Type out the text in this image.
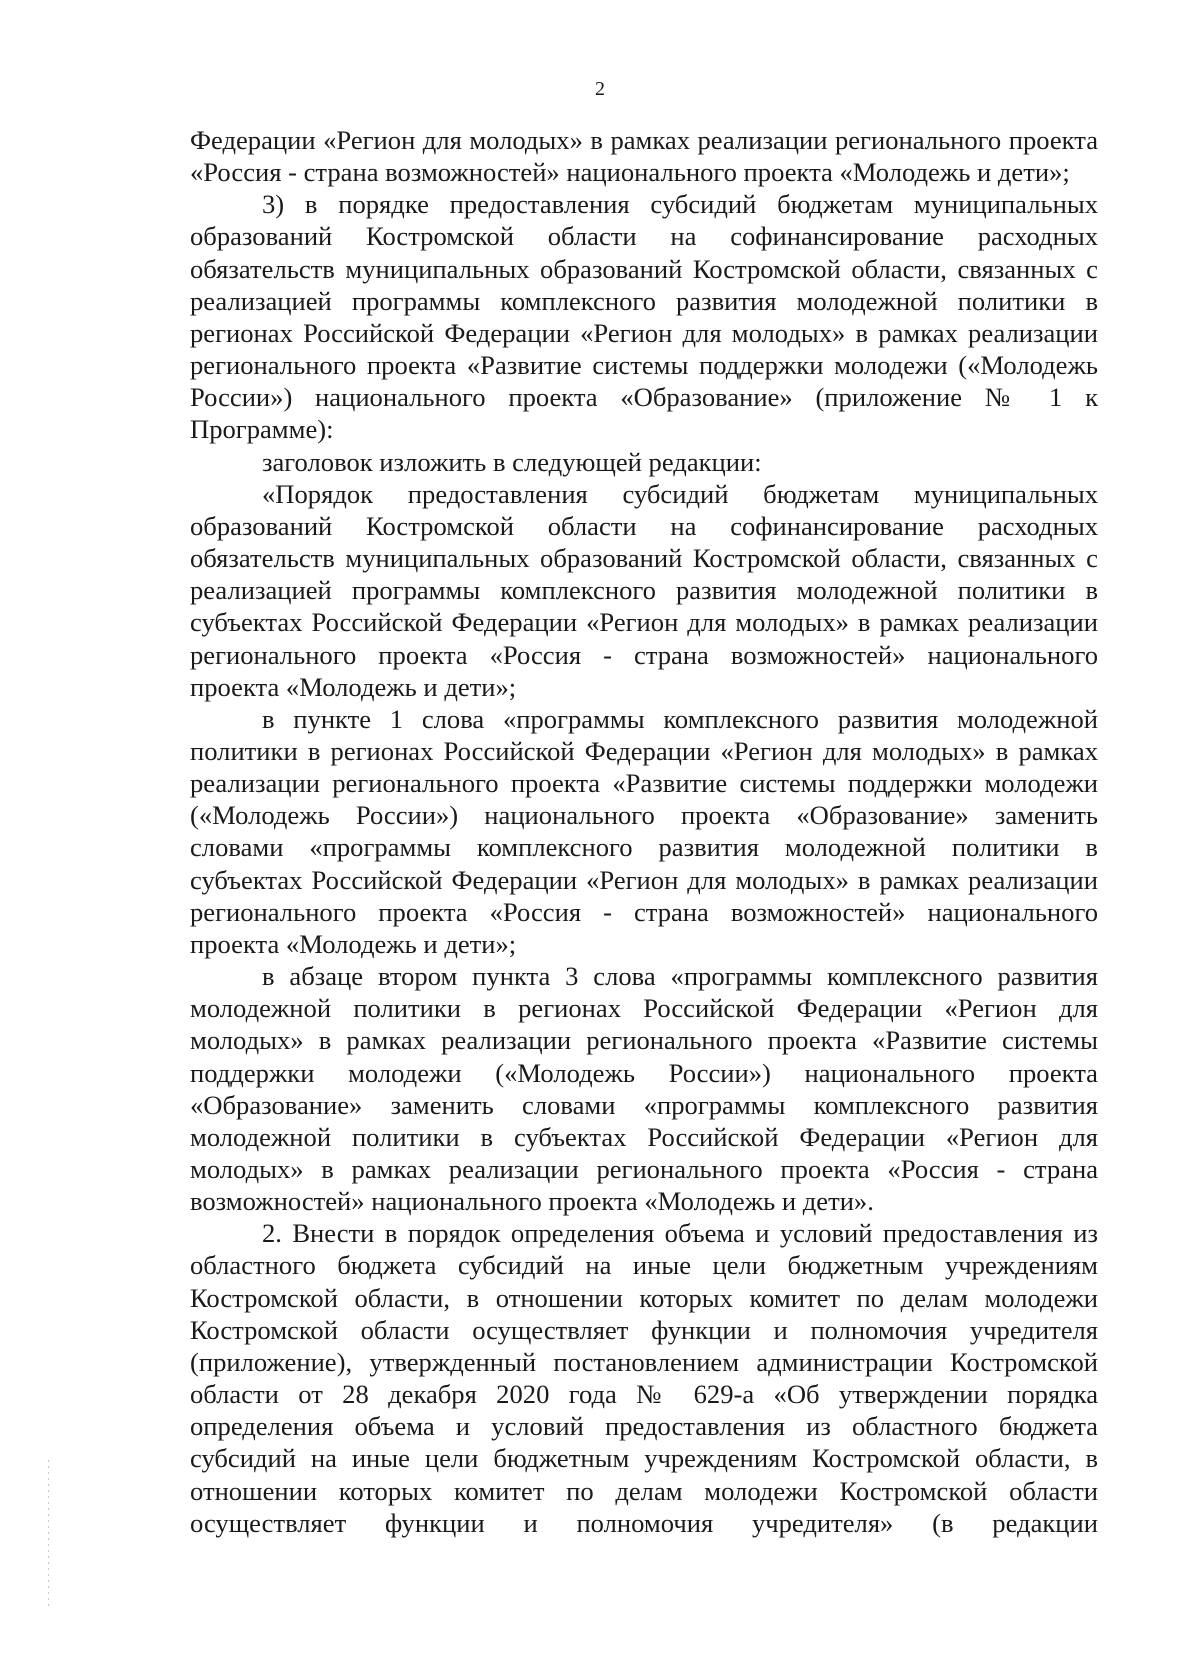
2

Федерации «Регион для молодых» в рамках реализации регионального проекта «Россия - страна возможностей» национального проекта «Молодежь и дети»;

3) в порядке предоставления субсидий бюджетам муниципальных образований Костромской области на софинансирование расходных обязательств муниципальных образований Костромской области, связанных с реализацией программы комплексного развития молодежной политики в регионах Российской Федерации «Регион для молодых» в рамках реализации регионального проекта «Развитие системы поддержки молодежи («Молодежь России») национального проекта «Образование» (приложение № 1 к Программе):

заголовок изложить в следующей редакции:

«Порядок предоставления субсидий бюджетам муниципальных образований Костромской области на софинансирование расходных обязательств муниципальных образований Костромской области, связанных с реализацией программы комплексного развития молодежной политики в субъектах Российской Федерации «Регион для молодых» в рамках реализации регионального проекта «Россия - страна возможностей» национального проекта «Молодежь и дети»;

в пункте 1 слова «программы комплексного развития молодежной политики в регионах Российской Федерации «Регион для молодых» в рамках реализации регионального проекта «Развитие системы поддержки молодежи («Молодежь России») национального проекта «Образование» заменить словами «программы комплексного развития молодежной политики в субъектах Российской Федерации «Регион для молодых» в рамках реализации регионального проекта «Россия - страна возможностей» национального проекта «Молодежь и дети»;

в абзаце втором пункта 3 слова «программы комплексного развития молодежной политики в регионах Российской Федерации «Регион для молодых» в рамках реализации регионального проекта «Развитие системы поддержки молодежи («Молодежь России») национального проекта «Образование» заменить словами «программы комплексного развития молодежной политики в субъектах Российской Федерации «Регион для молодых» в рамках реализации регионального проекта «Россия - страна возможностей» национального проекта «Молодежь и дети».

2. Внести в порядок определения объема и условий предоставления из областного бюджета субсидий на иные цели бюджетным учреждениям Костромской области, в отношении которых комитет по делам молодежи Костромской области осуществляет функции и полномочия учредителя (приложение), утвержденный постановлением администрации Костромской области от 28 декабря 2020 года № 629-а «Об утверждении порядка определения объема и условий предоставления из областного бюджета субсидий на иные цели бюджетным учреждениям Костромской области, в отношении которых комитет по делам молодежи Костромской области осуществляет функции и полномочия учредителя» (в редакции
